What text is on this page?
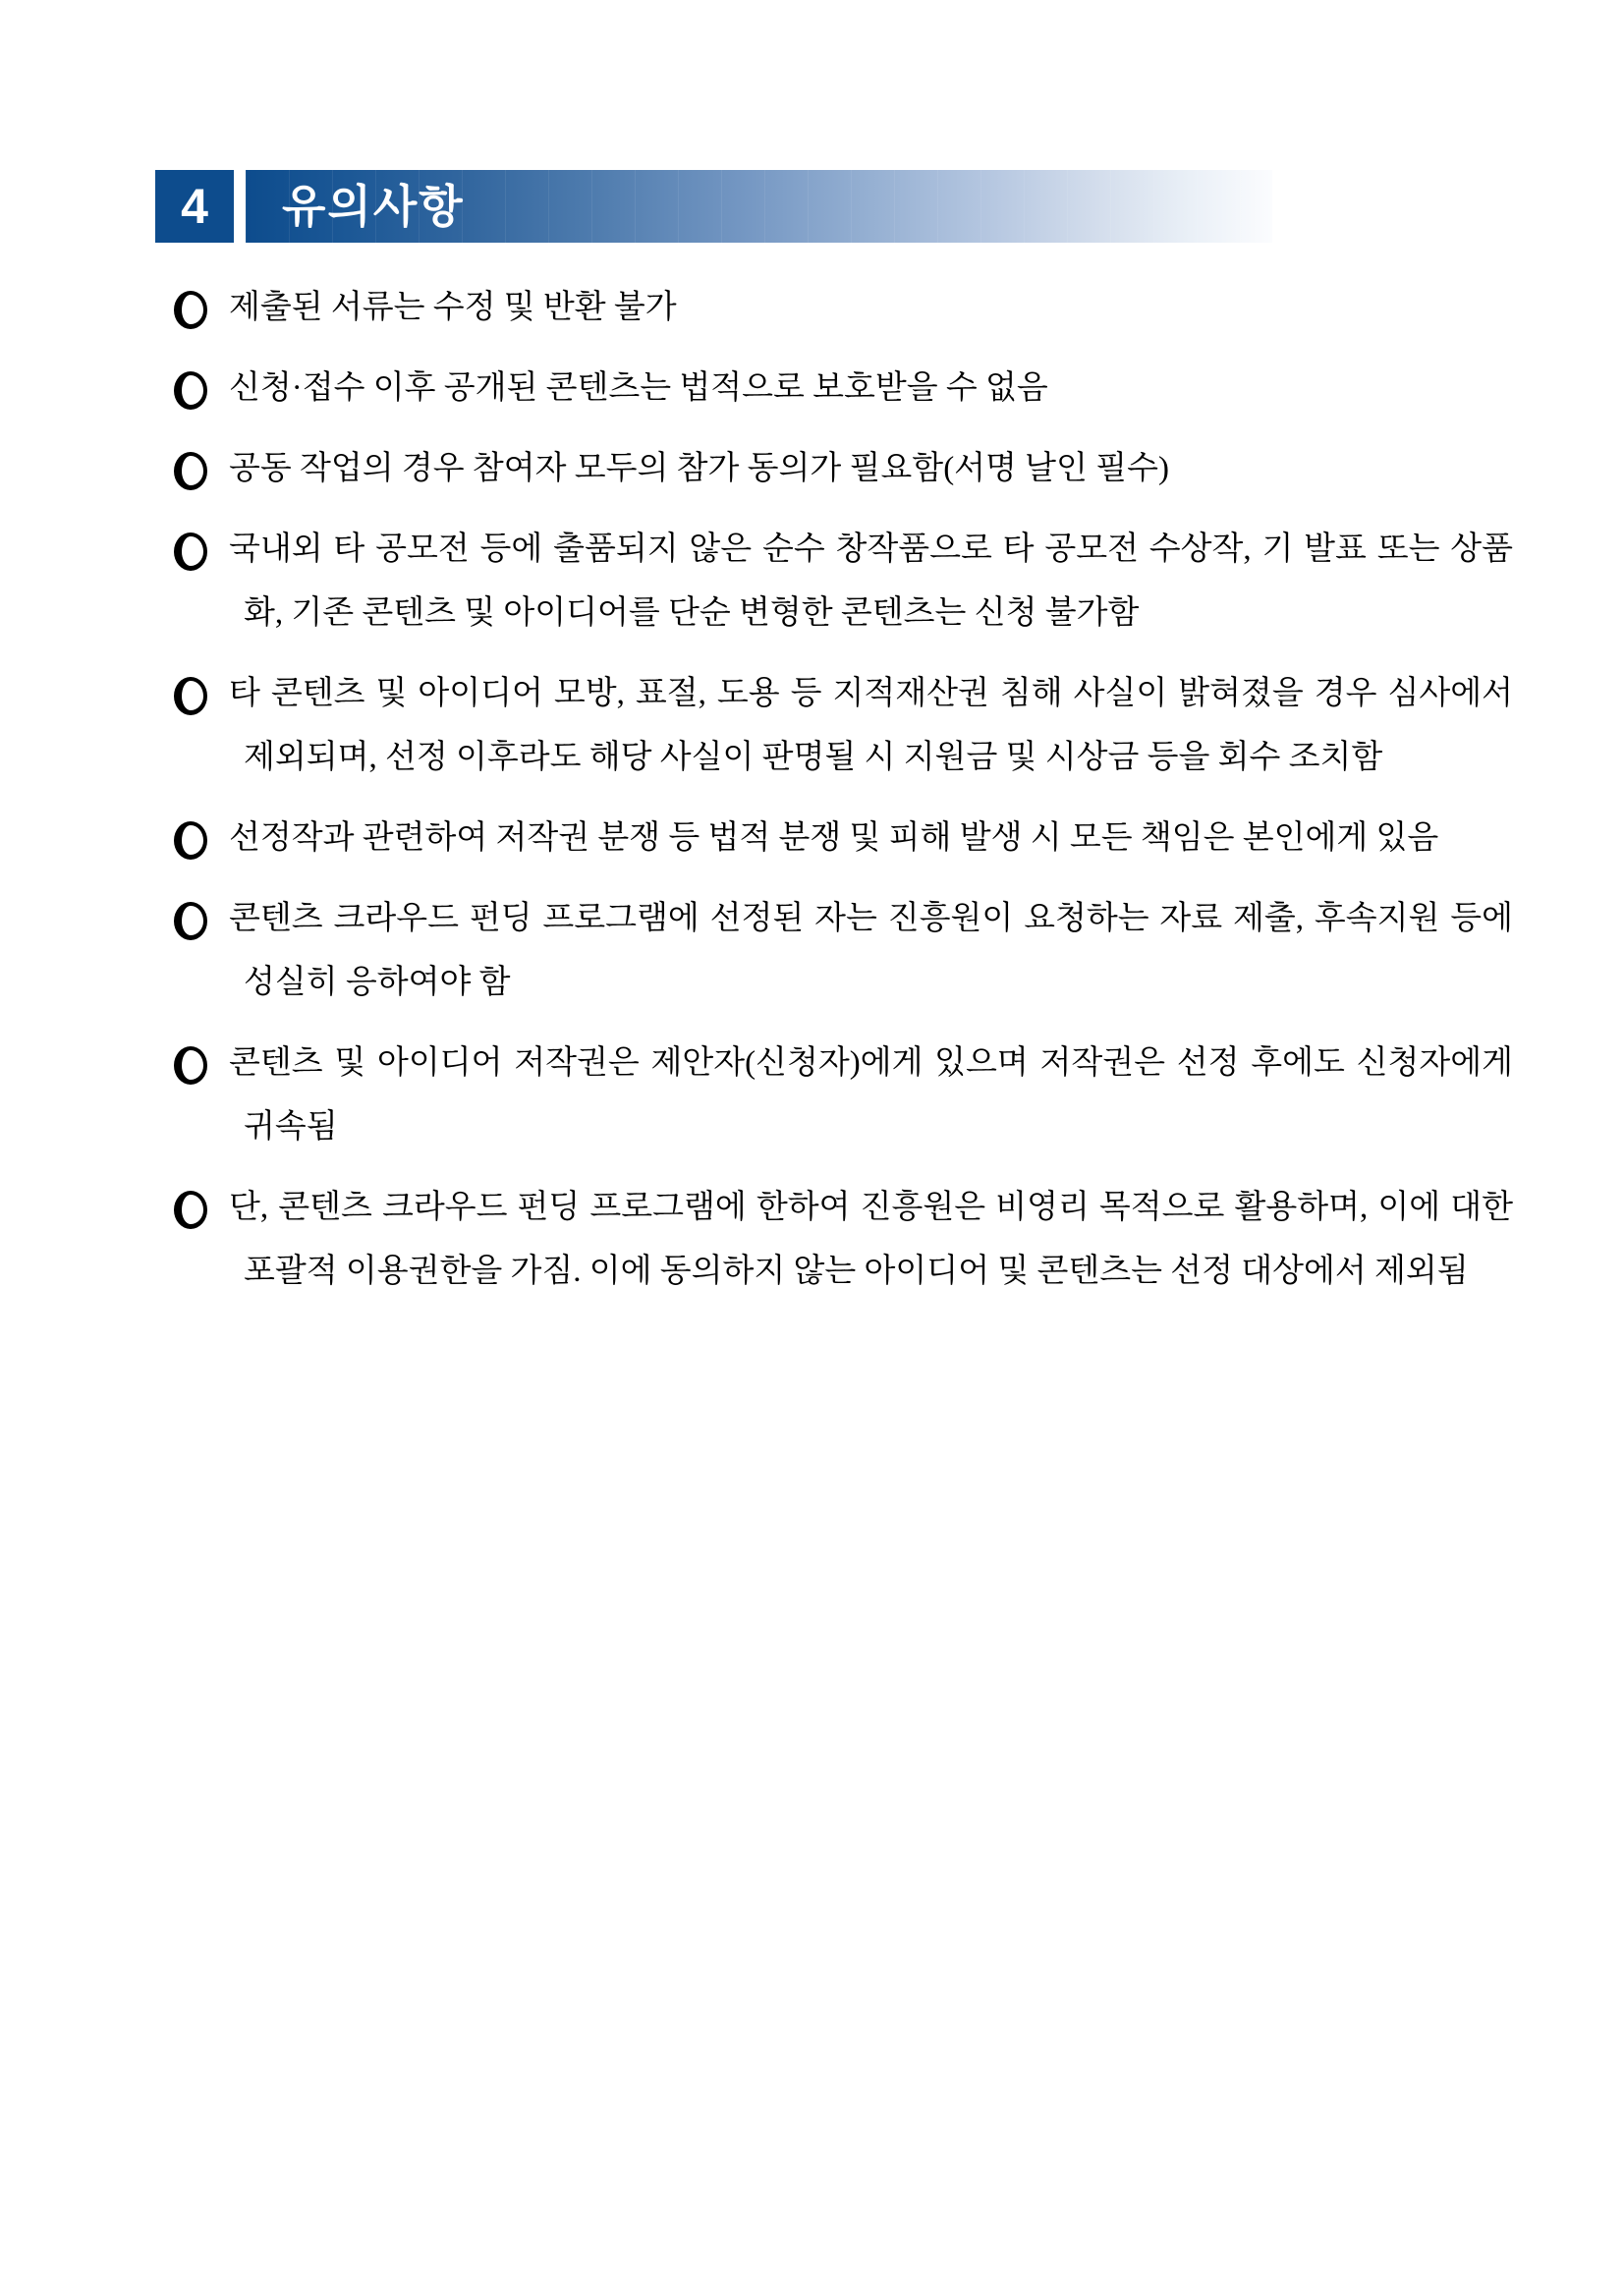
4	유의사항
제출된 서류는 수정 및 반환 불가
신청·접수 이후 공개된 콘텐츠는 법적으로 보호받을 수 없음
공동 작업의 경우 참여자 모두의 참가 동의가 필요함(서명 날인 필수)
국내외 타 공모전 등에 출품되지 않은 순수 창작품으로 타 공모전 수상작, 기 발표 또는 상품화, 기존 콘텐츠 및 아이디어를 단순 변형한 콘텐츠는 신청 불가함
타 콘텐츠 및 아이디어 모방, 표절, 도용 등 지적재산권 침해 사실이 밝혀졌을 경우 심사에서 제외되며, 선정 이후라도 해당 사실이 판명될 시 지원금 및 시상금 등을 회수 조치함
선정작과 관련하여 저작권 분쟁 등 법적 분쟁 및 피해 발생 시 모든 책임은 본인에게 있음
콘텐츠 크라우드 펀딩 프로그램에 선정된 자는 진흥원이 요청하는 자료 제출, 후속지원 등에 성실히 응하여야 함
콘텐츠 및 아이디어 저작권은 제안자(신청자)에게 있으며 저작권은 선정 후에도 신청자에게 귀속됨
단, 콘텐츠 크라우드 펀딩 프로그램에 한하여 진흥원은 비영리 목적으로 활용하며, 이에 대한 포괄적 이용권한을 가짐. 이에 동의하지 않는 아이디어 및 콘텐츠는 선정 대상에서 제외됨
